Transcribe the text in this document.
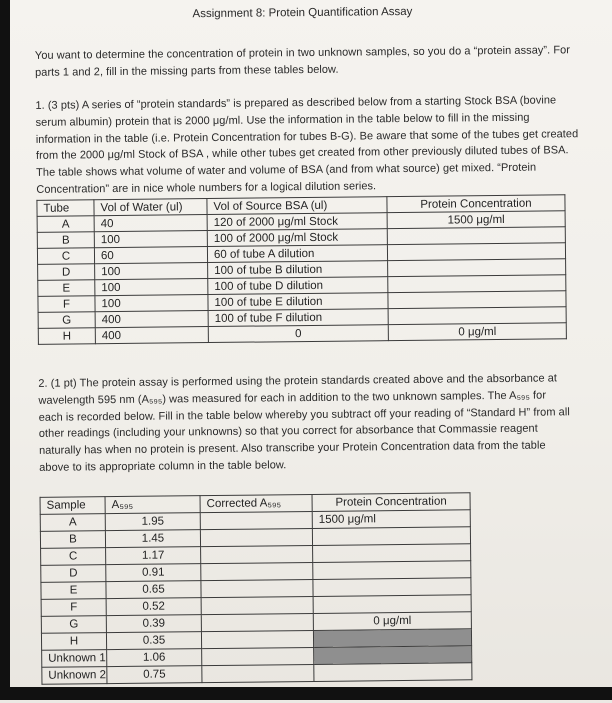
Assignment 8: Protein Quantification Assay
You want to determine the concentration of protein in two unknown samples, so you do a “protein assay”. For parts 1 and 2, fill in the missing parts from these tables below.
1. (3 pts) A series of “protein standards” is prepared as described below from a starting Stock BSA (bovine serum albumin) protein that is 2000 μg/ml. Use the information in the table below to fill in the missing information in the table (i.e. Protein Concentration for tubes B-G). Be aware that some of the tubes get created from the 2000 μg/ml Stock of BSA , while other tubes get created from other previously diluted tubes of BSA. The table shows what volume of water and volume of BSA (and from what source) get mixed. “Protein Concentration” are in nice whole numbers for a logical dilution series.
Tube	Vol of Water (ul)	Vol of Source BSA (ul)	Protein Concentration
A	40	120 of 2000 μg/ml Stock	1500 μg/ml
B	100	100 of 2000 μg/ml Stock	
C	60	60 of tube A dilution	
D	100	100 of tube B dilution	
E	100	100 of tube D dilution	
F	100	100 of tube E dilution	
G	400	100 of tube F dilution	
H	400	0	0 μg/ml
2. (1 pt) The protein assay is performed using the protein standards created above and the absorbance at wavelength 595 nm (A₅₉₅) was measured for each in addition to the two unknown samples. The A₅₉₅ for each is recorded below. Fill in the table below whereby you subtract off your reading of “Standard H” from all other readings (including your unknowns) so that you correct for absorbance that Commassie reagent naturally has when no protein is present. Also transcribe your Protein Concentration data from the table above to its appropriate column in the table below.
Sample	A₅₉₅	Corrected A₅₉₅	Protein Concentration
A	1.95		1500 μg/ml
B	1.45		
C	1.17		
D	0.91		
E	0.65		
F	0.52		
G	0.39		0 μg/ml
H	0.35		
Unknown 1	1.06		
Unknown 2	0.75		
